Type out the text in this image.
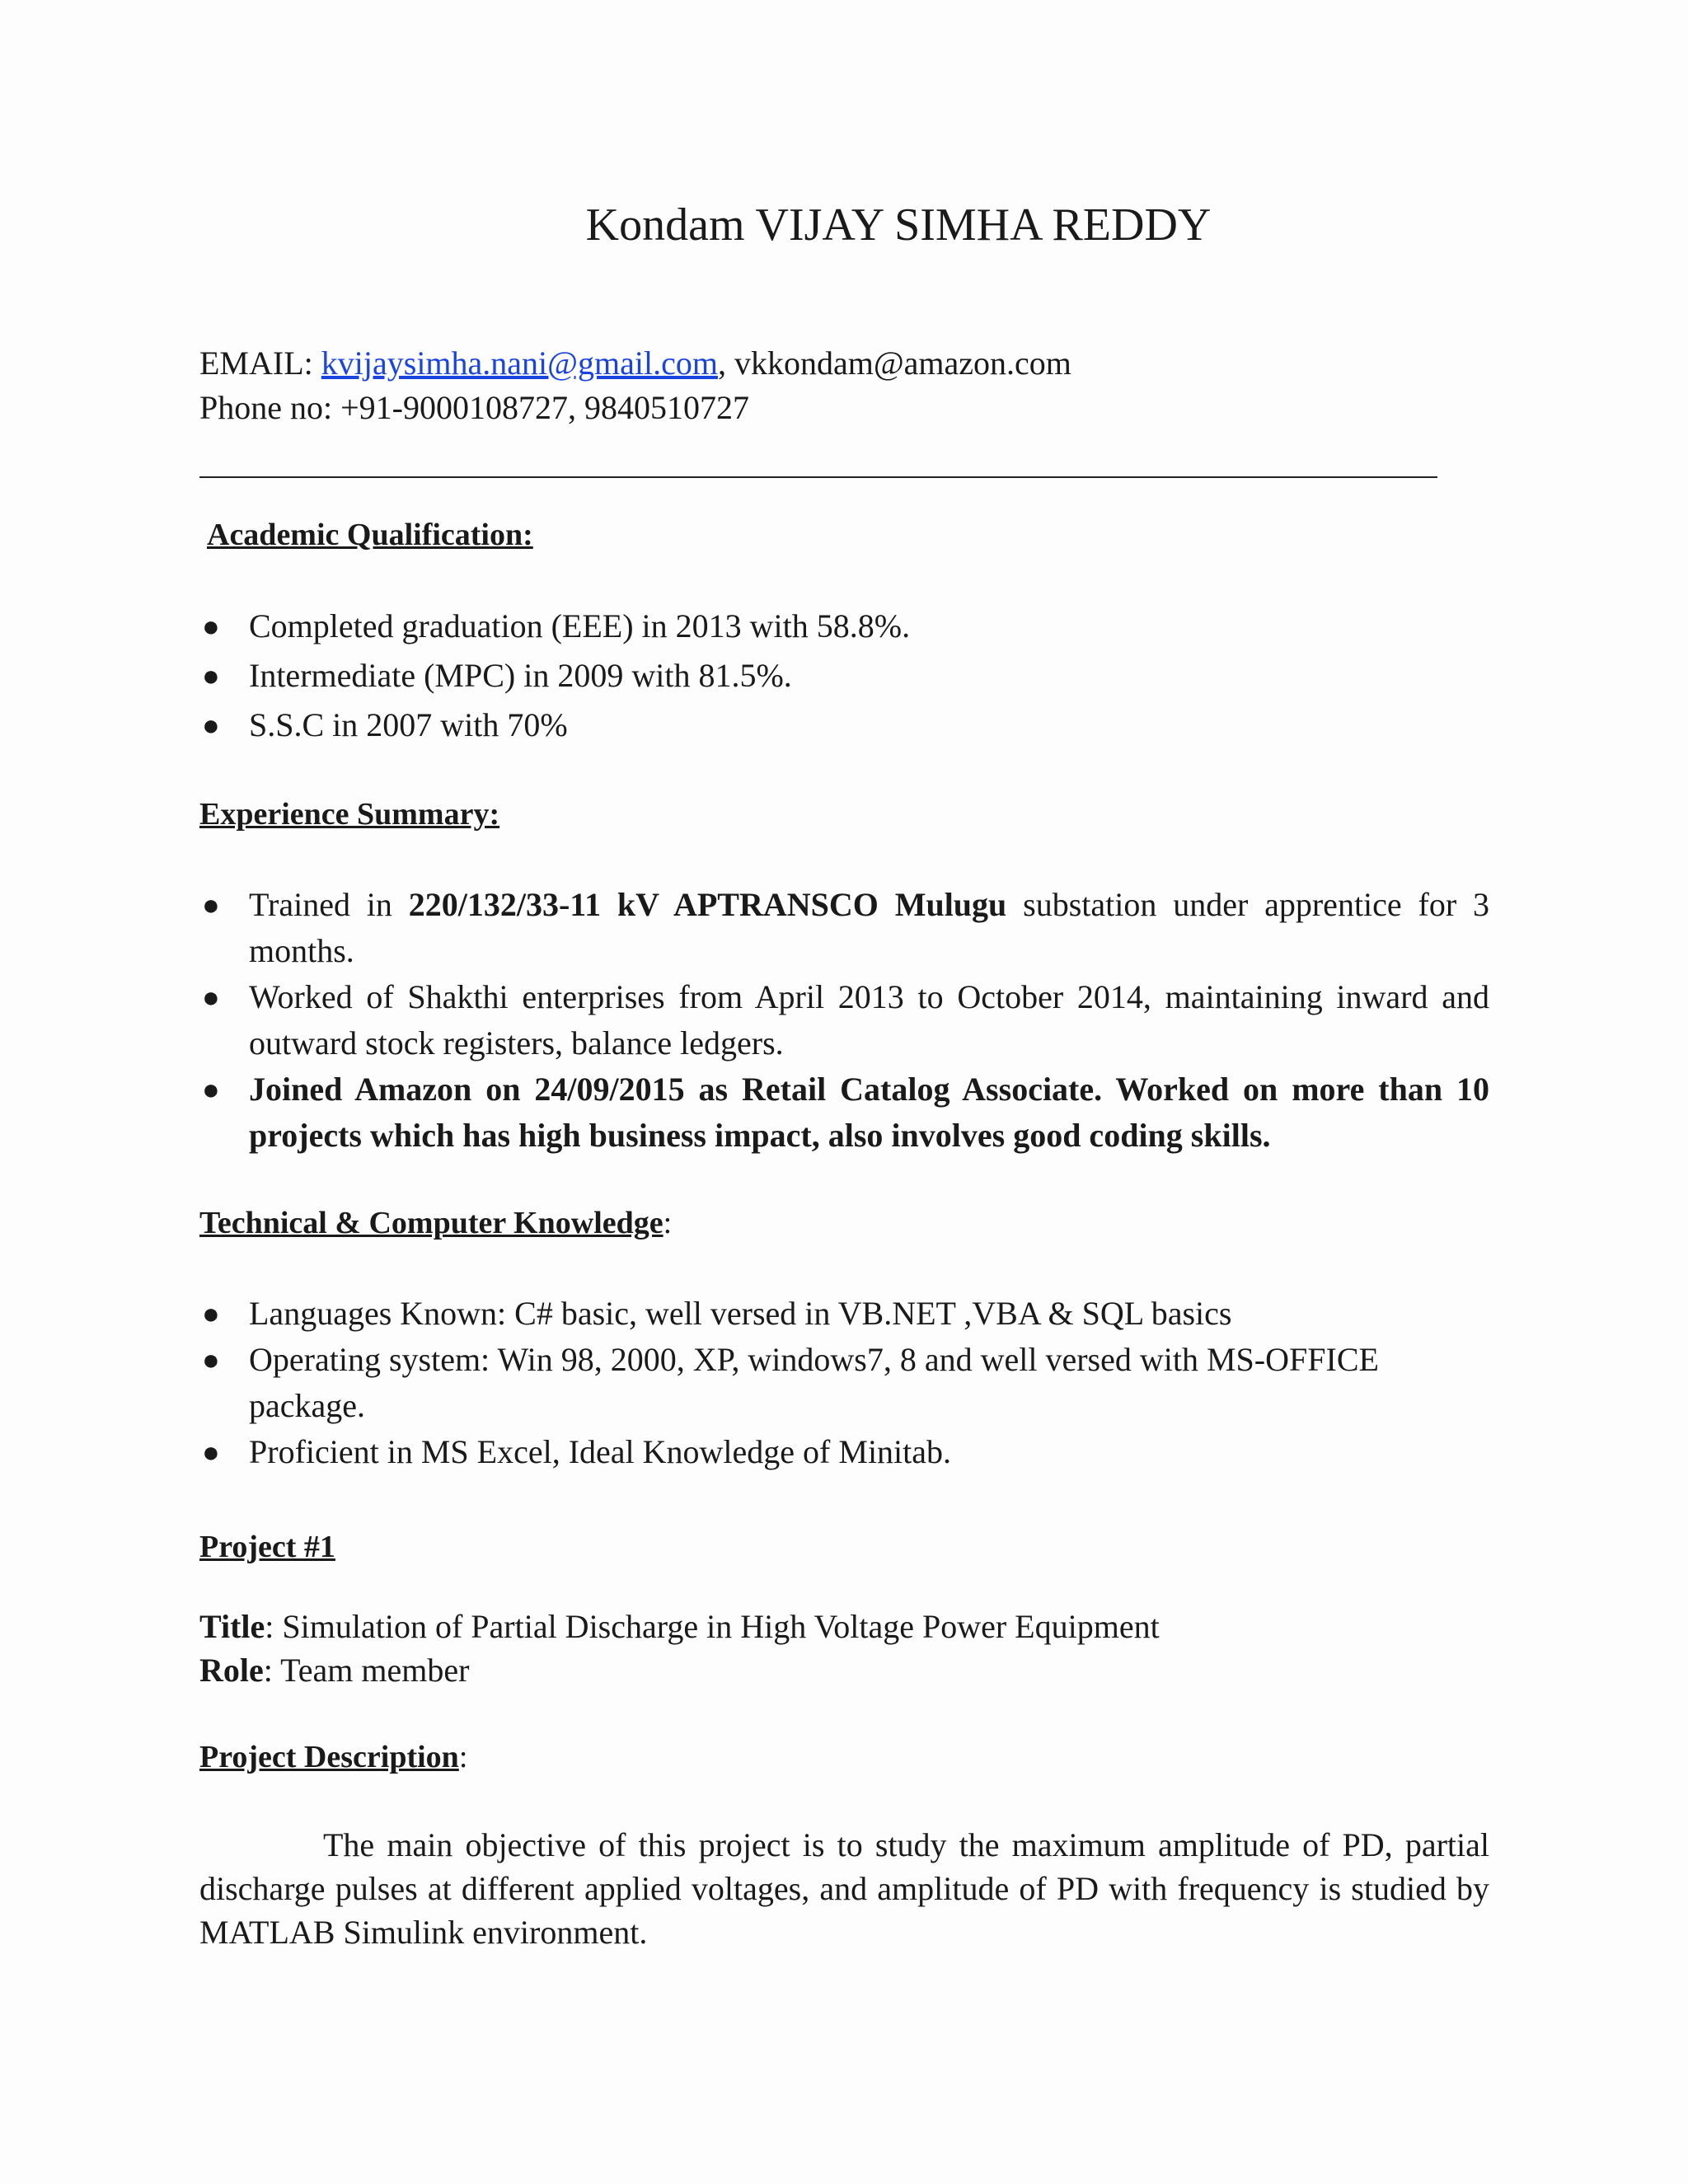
Kondam VIJAY SIMHA REDDY
EMAIL: kvijaysimha.nani@gmail.com, vkkondam@amazon.com
Phone no: +91-9000108727, 9840510727
Academic Qualification:
● Completed graduation (EEE) in 2013 with 58.8%.
● Intermediate (MPC) in 2009 with 81.5%.
● S.S.C in 2007 with 70%
Experience Summary:
● Trained in 220/132/33-11 kV APTRANSCO Mulugu substation under apprentice for 3 months.
● Worked of Shakthi enterprises from April 2013 to October 2014, maintaining inward and outward stock registers, balance ledgers.
● Joined Amazon on 24/09/2015 as Retail Catalog Associate. Worked on more than 10 projects which has high business impact, also involves good coding skills.
Technical & Computer Knowledge:
● Languages Known: C# basic, well versed in VB.NET ,VBA & SQL basics
● Operating system: Win 98, 2000, XP, windows7, 8 and well versed with MS-OFFICE package.
● Proficient in MS Excel, Ideal Knowledge of Minitab.
Project #1
Title: Simulation of Partial Discharge in High Voltage Power Equipment
Role: Team member
Project Description:

The main objective of this project is to study the maximum amplitude of PD, partial discharge pulses at different applied voltages, and amplitude of PD with frequency is studied by MATLAB Simulink environment.
